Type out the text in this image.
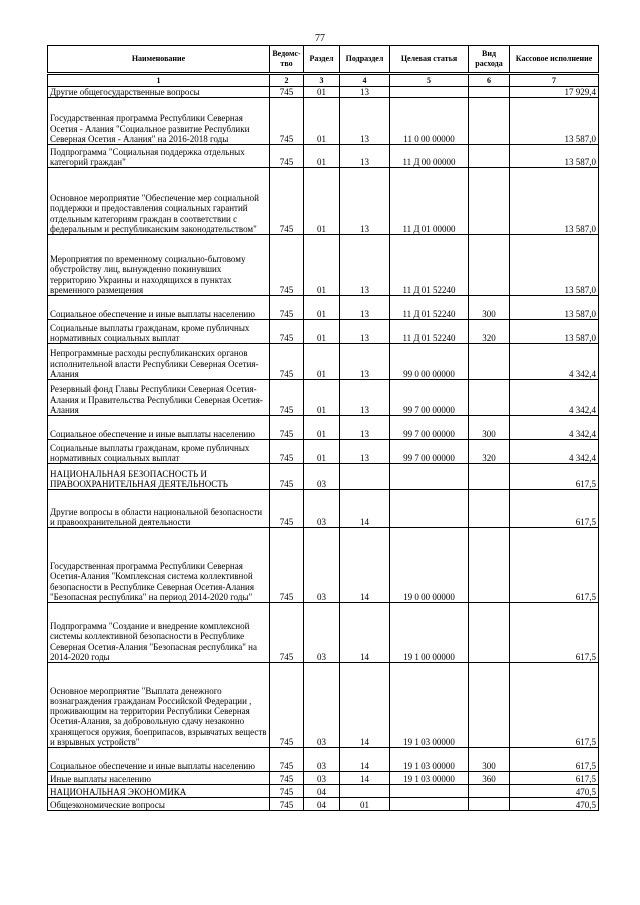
77
Наименование	Ведомс-тво	Раздел	Подраздел	Целевая статья	Вид расхода	Кассовое исполнение
1	2	3	4	5	6	7
Другие общегосударственные вопросы	745	01	13			17 929,4
Государственная программа Республики Северная Осетия - Алания "Социальное развитие Республики Северная Осетия - Алания" на 2016-2018 годы	745	01	13	11 0 00 00000		13 587,0
Подпрограмма "Социальная поддержка отдельных категорий граждан"	745	01	13	11 Д 00 00000		13 587,0
Основное мероприятие "Обеспечение мер социальной поддержки и предоставления социальных гарантий отдельным категориям граждан в соответствии с федеральным и республиканским законодательством"	745	01	13	11 Д 01 00000		13 587,0
Мероприятия по временному социально-бытовому обустройству лиц, вынужденно покинувших территорию Украины и находящихся в пунктах временного размещения	745	01	13	11 Д 01 52240		13 587,0
Социальное обеспечение и иные выплаты населению	745	01	13	11 Д 01 52240	300	13 587,0
Социальные выплаты гражданам, кроме публичных нормативных социальных выплат	745	01	13	11 Д 01 52240	320	13 587,0
Непрограммные расходы республиканских органов исполнительной власти Республики Северная Осетия-Алания	745	01	13	99 0 00 00000		4 342,4
Резервный фонд Главы Республики Северная Осетия-Алания и Правительства Республики Северная Осетия-Алания	745	01	13	99 7 00 00000		4 342,4
Социальное обеспечение и иные выплаты населению	745	01	13	99 7 00 00000	300	4 342,4
Социальные выплаты гражданам, кроме публичных нормативных социальных выплат	745	01	13	99 7 00 00000	320	4 342,4
НАЦИОНАЛЬНАЯ БЕЗОПАСНОСТЬ И ПРАВООХРАНИТЕЛЬНАЯ ДЕЯТЕЛЬНОСТЬ	745	03				617,5
Другие вопросы в области национальной безопасности и правоохранительной деятельности	745	03	14			617,5
Государственная программа Республики Северная Осетия-Алания "Комплексная система коллективной безопасности в Республике Северная Осетия-Алания "Безопасная республика" на период 2014-2020 годы"	745	03	14	19 0 00 00000		617,5
Подпрограмма "Создание и внедрение комплексной системы коллективной безопасности в Республике Северная Осетия-Алания "Безопасная республика" на 2014-2020 годы	745	03	14	19 1 00 00000		617,5
Основное мероприятие "Выплата денежного вознаграждения гражданам Российской Федерации , проживающим на территории Республики Северная Осетия-Алания, за добровольную сдачу незаконно хранящегося оружия, боеприпасов, взрывчатых веществ и взрывных устройств"	745	03	14	19 1 03 00000		617,5
Социальное обеспечение и иные выплаты населению	745	03	14	19 1 03 00000	300	617,5
Иные выплаты населению	745	03	14	19 1 03 00000	360	617,5
НАЦИОНАЛЬНАЯ ЭКОНОМИКА	745	04				470,5
Общеэкономические вопросы	745	04	01			470,5
